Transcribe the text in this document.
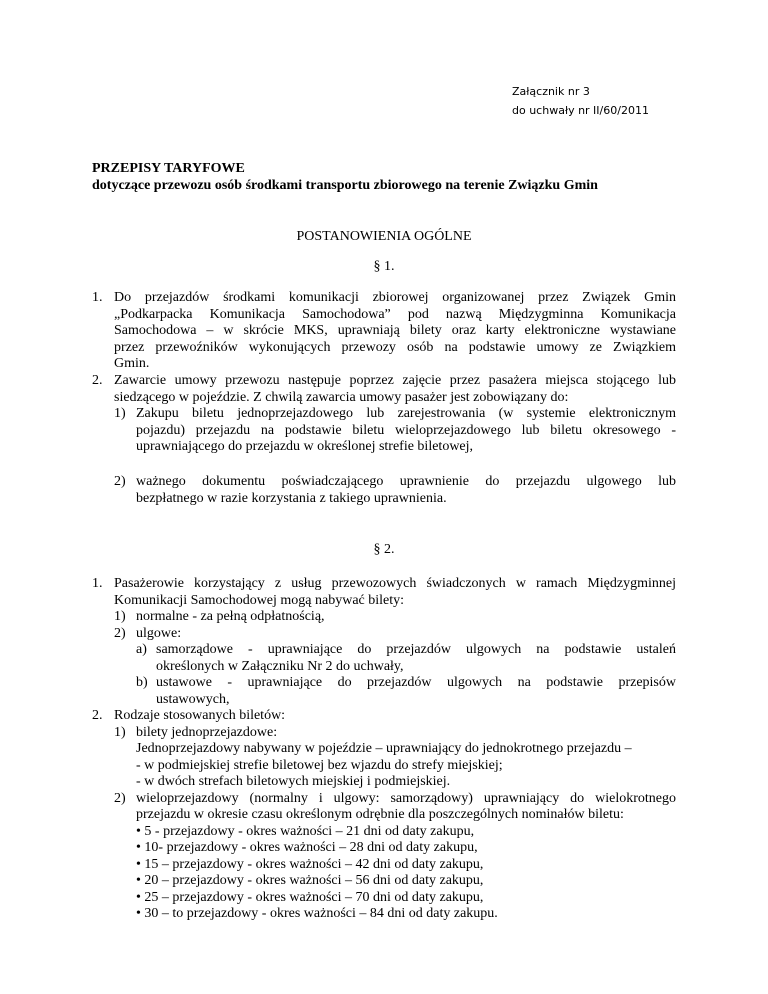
Załącznik nr 3
do uchwały nr II/60/2011
PRZEPISY TARYFOWE
dotyczące przewozu osób środkami transportu zbiorowego na terenie Związku Gmin
POSTANOWIENIA OGÓLNE
§ 1.
1. Do przejazdów środkami komunikacji zbiorowej organizowanej przez Związek Gmin
„Podkarpacka Komunikacja Samochodowa” pod nazwą Międzygminna Komunikacja
Samochodowa – w skrócie MKS, uprawniają bilety oraz karty elektroniczne wystawiane
przez przewoźników wykonujących przewozy osób na podstawie umowy ze Związkiem
Gmin.
2. Zawarcie umowy przewozu następuje poprzez zajęcie przez pasażera miejsca stojącego lub
siedzącego w pojeździe. Z chwilą zawarcia umowy pasażer jest zobowiązany do:
1) Zakupu biletu jednoprzejazdowego lub zarejestrowania (w systemie elektronicznym
pojazdu) przejazdu na podstawie biletu wieloprzejazdowego lub biletu okresowego -
uprawniającego do przejazdu w określonej strefie biletowej,
2) ważnego dokumentu poświadczającego uprawnienie do przejazdu ulgowego lub
bezpłatnego w razie korzystania z takiego uprawnienia.
§ 2.
1. Pasażerowie korzystający z usług przewozowych świadczonych w ramach Międzygminnej
Komunikacji Samochodowej mogą nabywać bilety:
1) normalne - za pełną odpłatnością,
2) ulgowe:
a) samorządowe - uprawniające do przejazdów ulgowych na podstawie ustaleń
określonych w Załączniku Nr 2 do uchwały,
b) ustawowe - uprawniające do przejazdów ulgowych na podstawie przepisów
ustawowych,
2. Rodzaje stosowanych biletów:
1) bilety jednoprzejazdowe:
Jednoprzejazdowy nabywany w pojeździe – uprawniający do jednokrotnego przejazdu –
- w podmiejskiej strefie biletowej bez wjazdu do strefy miejskiej;
- w dwóch strefach biletowych miejskiej i podmiejskiej.
2) wieloprzejazdowy (normalny i ulgowy: samorządowy) uprawniający do wielokrotnego
przejazdu w okresie czasu określonym odrębnie dla poszczególnych nominałów biletu:
• 5 - przejazdowy - okres ważności – 21 dni od daty zakupu,
• 10- przejazdowy - okres ważności – 28 dni od daty zakupu,
• 15 – przejazdowy - okres ważności – 42 dni od daty zakupu,
• 20 – przejazdowy - okres ważności – 56 dni od daty zakupu,
• 25 – przejazdowy - okres ważności – 70 dni od daty zakupu,
• 30 – to przejazdowy - okres ważności – 84 dni od daty zakupu.
